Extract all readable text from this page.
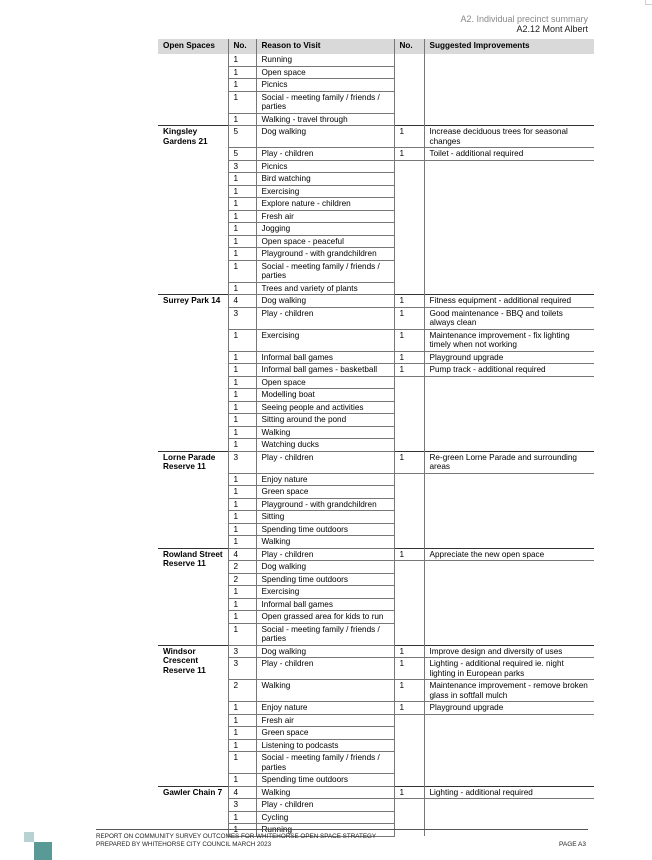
A2. Individual precinct summary
A2.12 Mont Albert
Open Spaces	No.	Reason to Visit	No.	Suggested Improvements
	1	Running		
	1	Open space		
	1	Picnics		
	1	Social - meeting family / friends / parties		
	1	Walking - travel through		
Kingsley Gardens 21	5	Dog walking	1	Increase deciduous trees for seasonal changes
	5	Play - children	1	Toilet - additional required
	3	Picnics		
	1	Bird watching		
	1	Exercising		
	1	Explore nature - children		
	1	Fresh air		
	1	Jogging		
	1	Open space - peaceful		
	1	Playground - with grandchildren		
	1	Social - meeting family / friends / parties		
	1	Trees and variety of plants		
Surrey Park 14	4	Dog walking	1	Fitness equipment - additional required
	3	Play - children	1	Good maintenance - BBQ and toilets always clean
	1	Exercising	1	Maintenance improvement - fix lighting timely when not working
	1	Informal ball games	1	Playground upgrade
	1	Informal ball games - basketball	1	Pump track - additional required
	1	Open space		
	1	Modelling boat		
	1	Seeing people and activities		
	1	Sitting around the pond		
	1	Walking		
	1	Watching ducks		
Lorne Parade Reserve 11	3	Play - children	1	Re-green Lorne Parade and surrounding areas
	1	Enjoy nature		
	1	Green space		
	1	Playground - with grandchildren		
	1	Sitting		
	1	Spending time outdoors		
	1	Walking		
Rowland Street Reserve 11	4	Play - children	1	Appreciate the new open space
	2	Dog walking		
	2	Spending time outdoors		
	1	Exercising		
	1	Informal ball games		
	1	Open grassed area for kids to run		
	1	Social - meeting family / friends / parties		
Windsor Crescent Reserve 11	3	Dog walking	1	Improve design and diversity of uses
	3	Play - children	1	Lighting - additional required ie. night lighting in European parks
	2	Walking	1	Maintenance improvement - remove broken glass in softfall mulch
	1	Enjoy nature	1	Playground upgrade
	1	Fresh air		
	1	Green space		
	1	Listening to podcasts		
	1	Social - meeting family / friends / parties		
	1	Spending time outdoors		
Gawler Chain 7	4	Walking	1	Lighting - additional required
	3	Play - children		
	1	Cycling		
	1	Running		
REPORT ON COMMUNITY SURVEY OUTCOMES FOR WHITEHORSE OPEN SPACE STRATEGY
PREPARED BY WHITEHORSE CITY COUNCIL MARCH 2023	PAGE A3
